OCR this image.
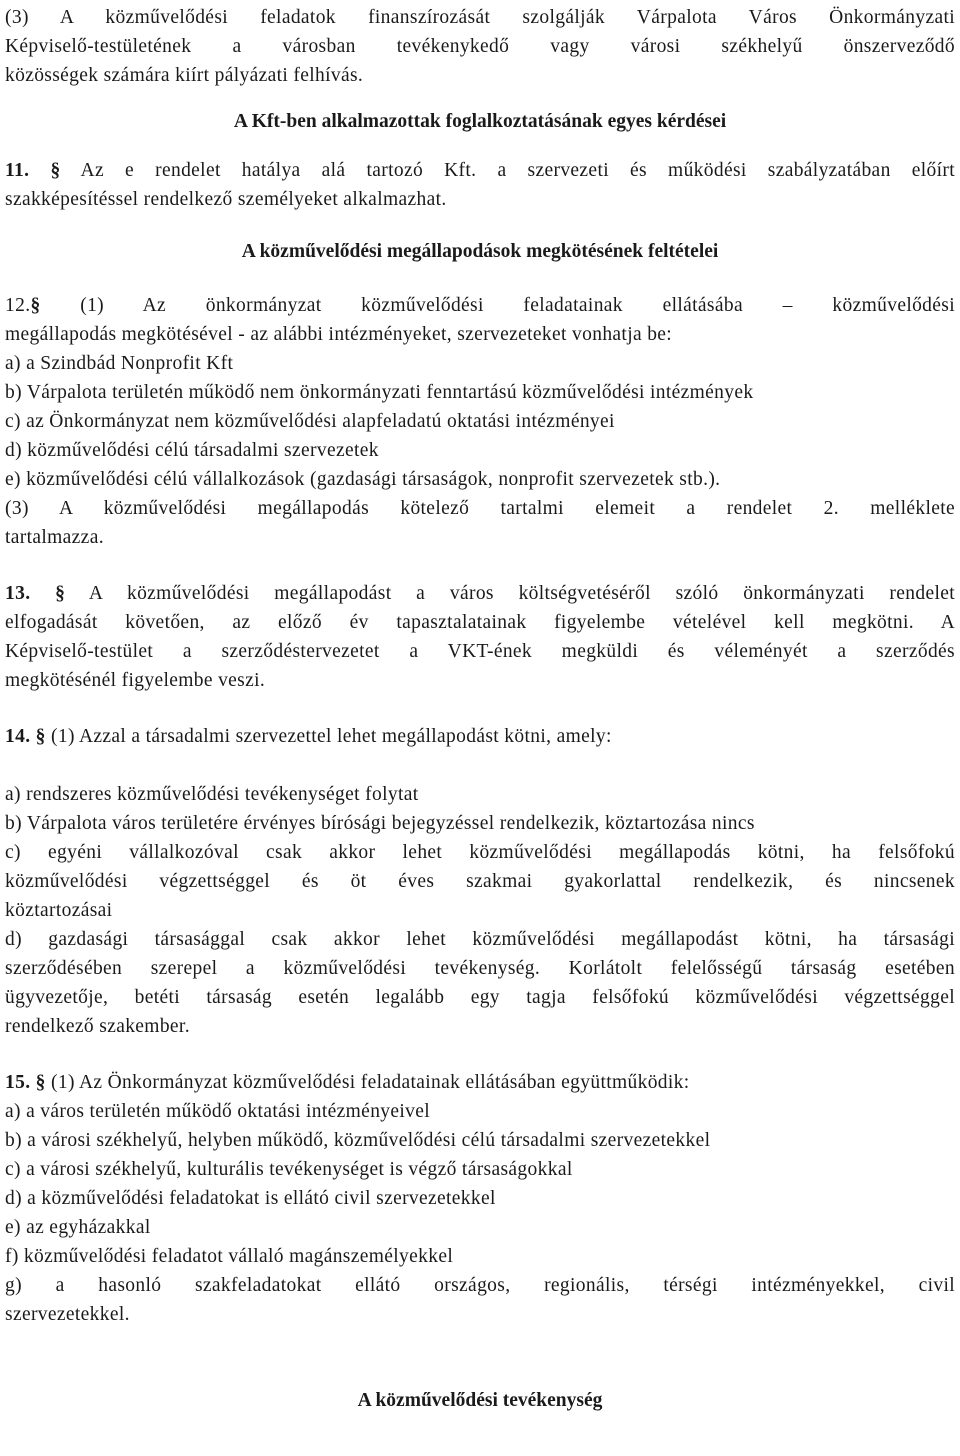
(3) A közművelődési feladatok finanszírozását szolgálják Várpalota Város Önkormányzati

Képviselő-testületének a városban tevékenykedő vagy városi székhelyű önszerveződő

közösségek számára kiírt pályázati felhívás.

A Kft-ben alkalmazottak foglalkoztatásának egyes kérdései

11. § Az e rendelet hatálya alá tartozó Kft. a szervezeti és működési szabályzatában előírt

szakképesítéssel rendelkező személyeket alkalmazhat.

A közművelődési megállapodások megkötésének feltételei

12.§ (1) Az önkormányzat közművelődési feladatainak ellátásába – közművelődési

megállapodás megkötésével - az alábbi intézményeket, szervezeteket vonhatja be:

a) a Szindbád Nonprofit Kft

b) Várpalota területén működő nem önkormányzati fenntartású közművelődési intézmények

c) az Önkormányzat nem közművelődési alapfeladatú oktatási intézményei

d) közművelődési célú társadalmi szervezetek

e) közművelődési célú vállalkozások (gazdasági társaságok, nonprofit szervezetek stb.).

(3) A közművelődési megállapodás kötelező tartalmi elemeit a rendelet 2. melléklete

tartalmazza.

13. § A közművelődési megállapodást a város költségvetéséről szóló önkormányzati rendelet

elfogadását követően, az előző év tapasztalatainak figyelembe vételével kell megkötni. A

Képviselő-testület a szerződéstervezetet a VKT-ének megküldi és véleményét a szerződés

megkötésénél figyelembe veszi.

14. § (1) Azzal a társadalmi szervezettel lehet megállapodást kötni, amely:

a) rendszeres közművelődési tevékenységet folytat

b) Várpalota város területére érvényes bírósági bejegyzéssel rendelkezik, köztartozása nincs

c) egyéni vállalkozóval csak akkor lehet közművelődési megállapodás kötni, ha felsőfokú

közművelődési végzettséggel és öt éves szakmai gyakorlattal rendelkezik, és nincsenek

köztartozásai

d) gazdasági társasággal csak akkor lehet közművelődési megállapodást kötni, ha társasági

szerződésében szerepel a közművelődési tevékenység. Korlátolt felelősségű társaság esetében

ügyvezetője, betéti társaság esetén legalább egy tagja felsőfokú közművelődési végzettséggel

rendelkező szakember.

15. § (1) Az Önkormányzat közművelődési feladatainak ellátásában együttműködik:

a) a város területén működő oktatási intézményeivel

b) a városi székhelyű, helyben működő, közművelődési célú társadalmi szervezetekkel

c) a városi székhelyű, kulturális tevékenységet is végző társaságokkal

d) a közművelődési feladatokat is ellátó civil szervezetekkel

e) az egyházakkal

f) közművelődési feladatot vállaló magánszemélyekkel

g) a hasonló szakfeladatokat ellátó országos, regionális, térségi intézményekkel, civil

szervezetekkel.

A közművelődési tevékenység
